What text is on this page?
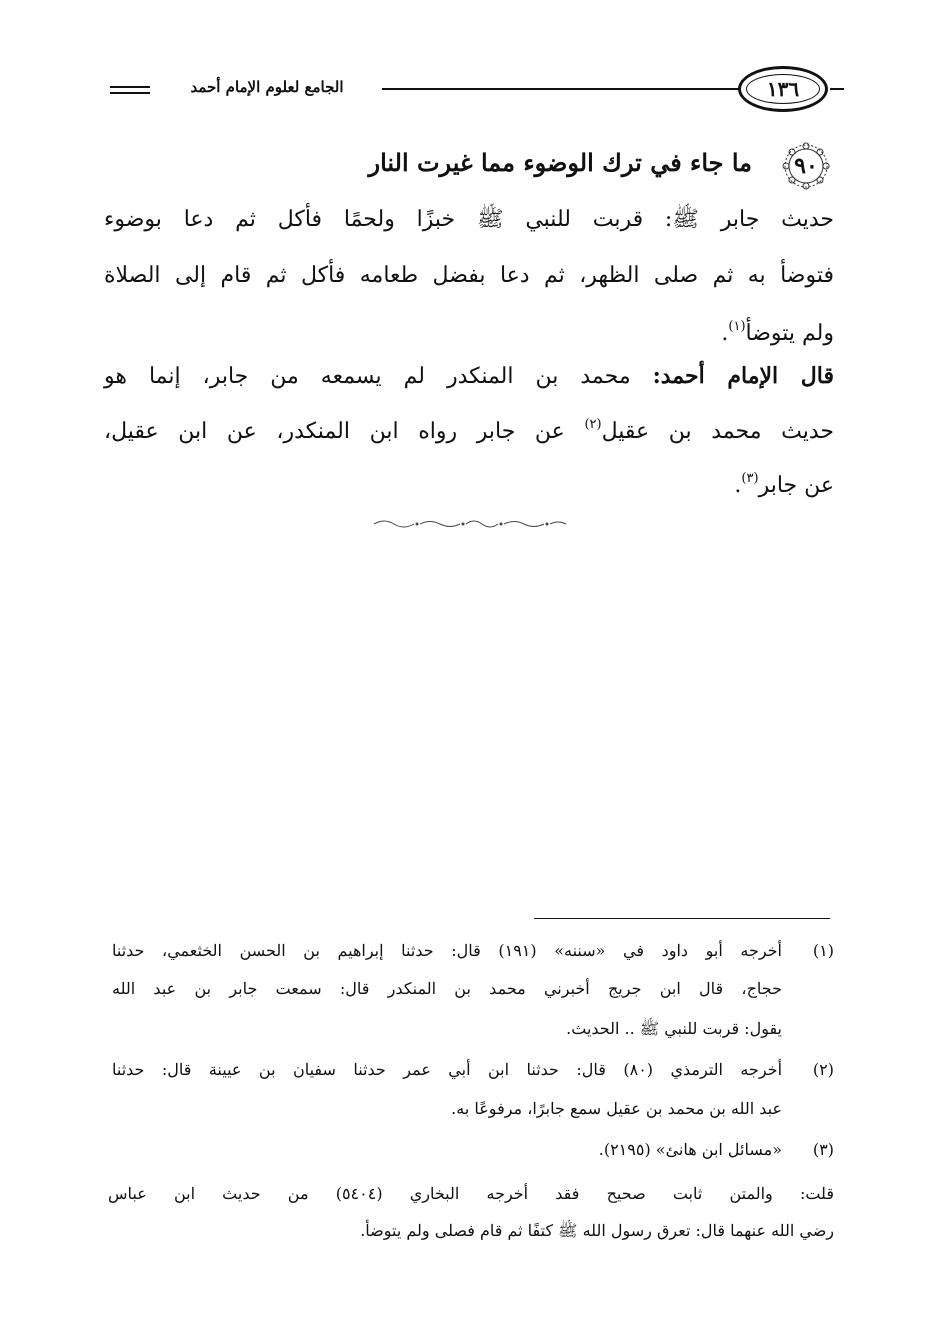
الجامع لعلوم الإمام أحمد	١٣٦
٩٠
ما جاء في ترك الوضوء مما غيرت النار
حديث جابر ﷺ: قربت للنبي ﷺ خبزًا ولحمًا فأكل ثم دعا بوضوء
فتوضأ به ثم صلى الظهر، ثم دعا بفضل طعامه فأكل ثم قام إلى الصلاة
ولم يتوضأ$^{(١)}$.
قال الإمام أحمد: محمد بن المنكدر لم يسمعه من جابر، إنما هو
حديث محمد بن عقيل$^{(٢)}$ عن جابر رواه ابن المنكدر، عن ابن عقيل،
عن جابر$^{(٣)}$.
(١)
أخرجه أبو داود في «سننه» (١٩١) قال: حدثنا إبراهيم بن الحسن الخثعمي، حدثنا
حجاج، قال ابن جريج أخبرني محمد بن المنكدر قال: سمعت جابر بن عبد الله
يقول: قربت للنبي ﷺ .. الحديث.
(٢)
أخرجه الترمذي (٨٠) قال: حدثنا ابن أبي عمر حدثنا سفيان بن عيينة قال: حدثنا
عبد الله بن محمد بن عقيل سمع جابرًا، مرفوعًا به.
(٣)
«مسائل ابن هانئ» (٢١٩٥).
قلت: والمتن ثابت صحيح فقد أخرجه البخاري (٥٤٠٤) من حديث ابن عباس
رضي الله عنهما قال: تعرق رسول الله ﷺ كتفًا ثم قام فصلى ولم يتوضأ.
